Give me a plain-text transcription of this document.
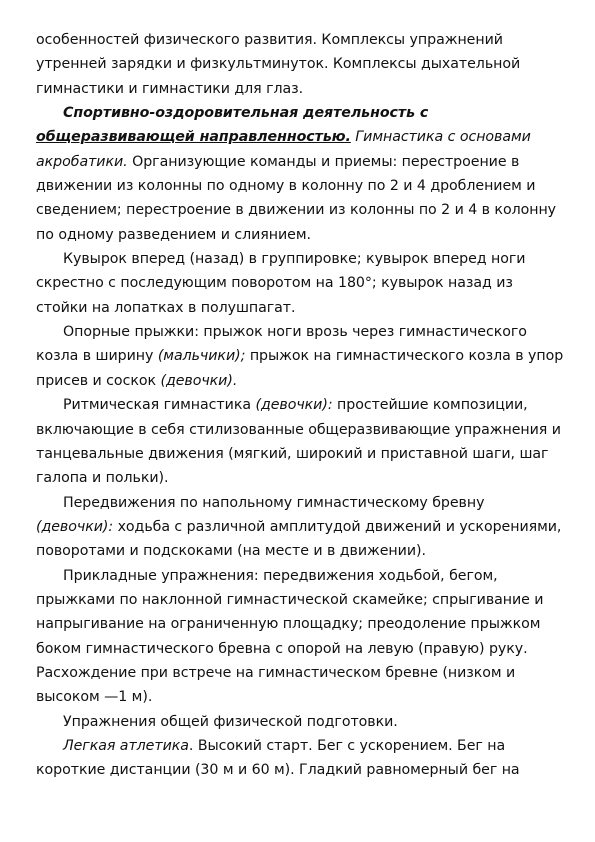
особенностей физического развития. Комплексы упражнений утренней зарядки и физкультминуток. Комплексы дыхательной гимнастики и гимнастики для глаз.

Спортивно-оздоровительная деятельность с
общеразвивающей направленностью. Гимнастика с основами акробатики. Организующие команды и приемы: перестроение в движении из колонны по одному в колонну по 2 и 4 дроблением и сведением; перестроение в движении из колонны по 2 и 4 в колонну по одному разведением и слиянием.

Кувырок вперед (назад) в группировке; кувырок вперед ноги скрестно с последующим поворотом на 180°; кувырок назад из стойки на лопатках в полушпагат.

Опорные прыжки: прыжок ноги врозь через гимнастического козла в ширину (мальчики); прыжок на гимнастического козла в упор присев и соскок (девочки).

Ритмическая гимнастика (девочки): простейшие композиции, включающие в себя стилизованные общеразвивающие упражнения и танцевальные движения (мягкий, широкий и приставной шаги, шаг галопа и польки).

Передвижения по напольному гимнастическому бревну
(девочки): ходьба с различной амплитудой движений и ускорениями, поворотами и подскоками (на месте и в движении).

Прикладные упражнения: передвижения ходьбой, бегом, прыжками по наклонной гимнастической скамейке; спрыгивание и напрыгивание на ограниченную площадку; преодоление прыжком боком гимнастического бревна с опорой на левую (правую) руку. Расхождение при встрече на гимнастическом бревне (низком и высоком —1 м).

Упражнения общей физической подготовки.

Легкая атлетика. Высокий старт. Бег с ускорением. Бег на короткие дистанции (30 м и 60 м). Гладкий равномерный бег на
